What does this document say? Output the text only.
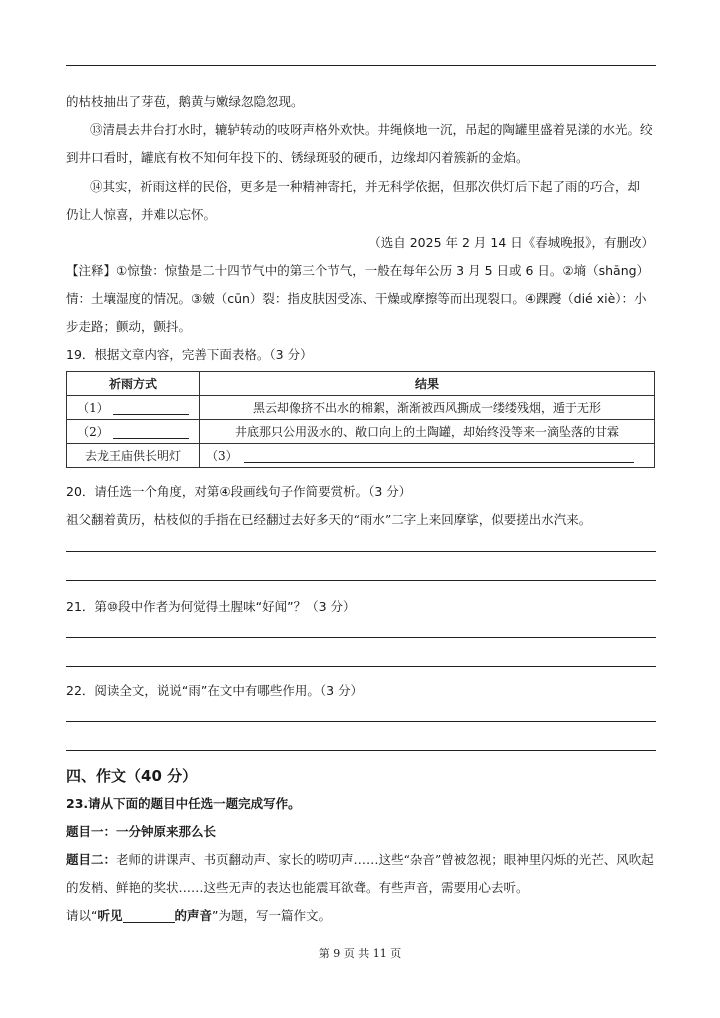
的枯枝抽出了芽苞，鹅黄与嫩绿忽隐忽现。
⑬清晨去井台打水时，辘轳转动的吱呀声格外欢快。井绳倏地一沉，吊起的陶罐里盛着晃漾的水光。绞
到井口看时，罐底有枚不知何年投下的、锈绿斑驳的硬币，边缘却闪着簇新的金焰。
⑭其实，祈雨这样的民俗，更多是一种精神寄托，并无科学依据，但那次供灯后下起了雨的巧合，却
仍让人惊喜，并难以忘怀。
（选自 2025 年 2 月 14 日《春城晚报》，有删改）
【注释】①惊蛰：惊蛰是二十四节气中的第三个节气，一般在每年公历 3 月 5 日或 6 日。②墒（shāng）
情：土壤湿度的情况。③皴（cūn）裂：指皮肤因受冻、干燥或摩擦等而出现裂口。④踝躞（dié xiè）：小
步走路；颤动，颤抖。
19．根据文章内容，完善下面表格。（3 分）
祈雨方式	结果
（1）	黑云却像挤不出水的棉絮，渐渐被西风撕成一缕缕残烟，遁于无形
（2）	井底那只公用汲水的、敞口向上的土陶罐，却始终没等来一滴坠落的甘霖
去龙王庙供长明灯	（3）
20．请任选一个角度，对第④段画线句子作简要赏析。（3 分）
祖父翻着黄历，枯枝似的手指在已经翻过去好多天的“雨水”二字上来回摩挲，似要搓出水汽来。
21．第⑩段中作者为何觉得土腥味“好闻”？（3 分）
22．阅读全文，说说“雨”在文中有哪些作用。（3 分）
四、作文（40 分）
23.请从下面的题目中任选一题完成写作。
题目一：一分钟原来那么长
题目二：老师的讲课声、书页翻动声、家长的唠叨声……这些“杂音”曾被忽视；眼神里闪烁的光芒、风吹起
的发梢、鲜艳的奖状……这些无声的表达也能震耳欲聋。有些声音，需要用心去听。
请以“听见	的声音”为题，写一篇作文。
第 9 页 共 11 页
